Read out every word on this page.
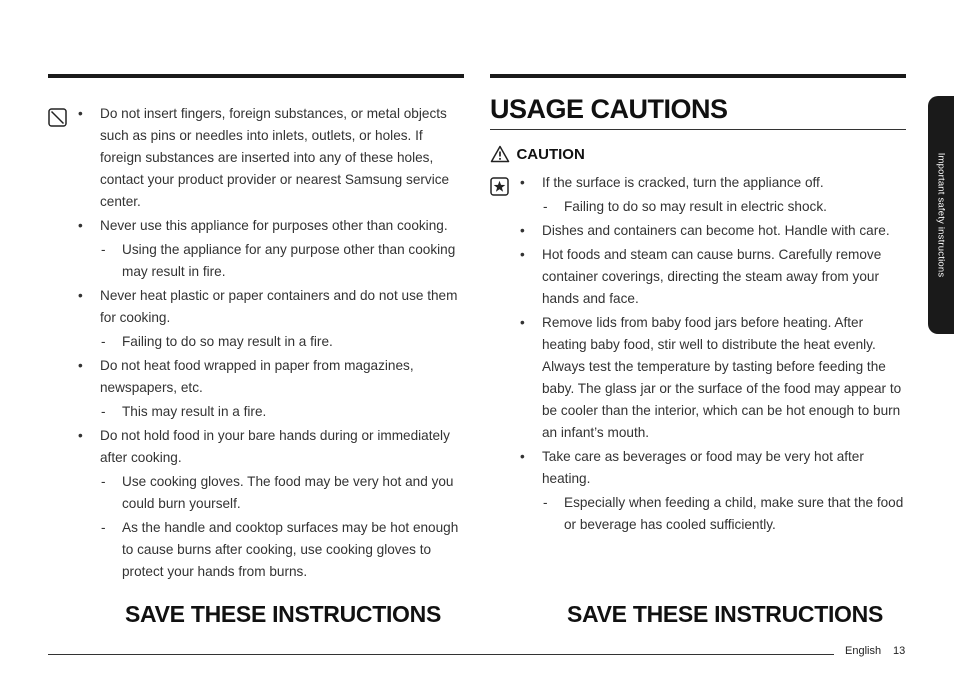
• Do not insert fingers, foreign substances, or metal objects such as pins or needles into inlets, outlets, or holes. If foreign substances are inserted into any of these holes, contact your product provider or nearest Samsung service center.
• Never use this appliance for purposes other than cooking.
- Using the appliance for any purpose other than cooking may result in fire.
• Never heat plastic or paper containers and do not use them for cooking.
- Failing to do so may result in a fire.
• Do not heat food wrapped in paper from magazines, newspapers, etc.
- This may result in a fire.
• Do not hold food in your bare hands during or immediately after cooking.
- Use cooking gloves. The food may be very hot and you could burn yourself.
- As the handle and cooktop surfaces may be hot enough to cause burns after cooking, use cooking gloves to protect your hands from burns.
SAVE THESE INSTRUCTIONS
USAGE CAUTIONS
CAUTION
• If the surface is cracked, turn the appliance off.
- Failing to do so may result in electric shock.
• Dishes and containers can become hot. Handle with care.
• Hot foods and steam can cause burns. Carefully remove container coverings, directing the steam away from your hands and face.
• Remove lids from baby food jars before heating. After heating baby food, stir well to distribute the heat evenly. Always test the temperature by tasting before feeding the baby. The glass jar or the surface of the food may appear to be cooler than the interior, which can be hot enough to burn an infant’s mouth.
• Take care as beverages or food may be very hot after heating.
- Especially when feeding a child, make sure that the food or beverage has cooled sufficiently.
SAVE THESE INSTRUCTIONS
Important safety instructions
English 13
